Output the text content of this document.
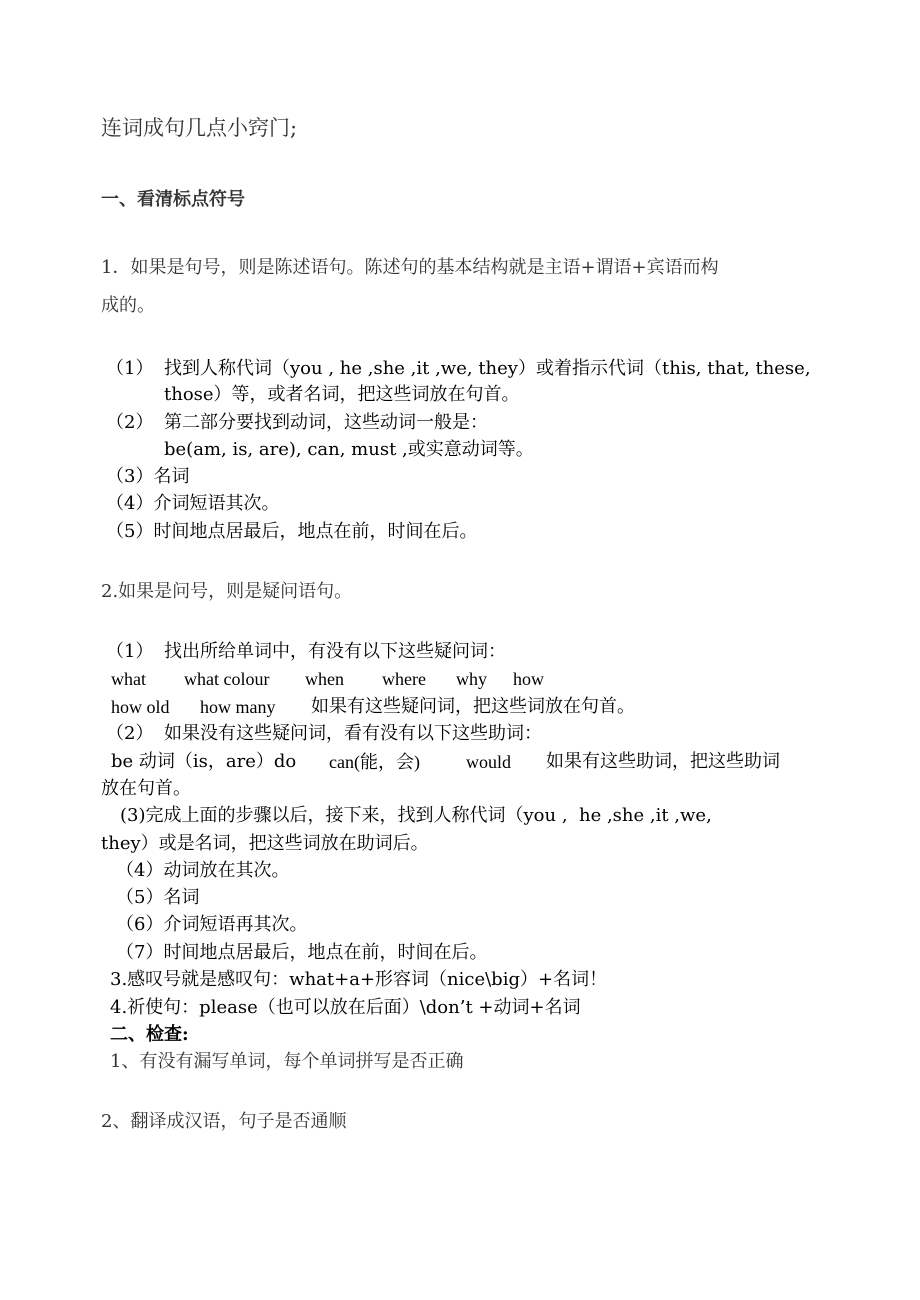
连词成句几点小窍门;
一、看清标点符号
1．如果是句号，则是陈述语句。陈述句的基本结构就是主语+谓语+宾语而构
成的。
（1） 找到人称代词（you , he ,she ,it ,we, they）或着指示代词（this, that, these,
those）等，或者名词，把这些词放在句首。
（2） 第二部分要找到动词，这些动词一般是：
be(am, is, are), can, must ,或实意动词等。
（3）名词
（4）介词短语其次。
（5）时间地点居最后，地点在前，时间在后。
2.如果是问号，则是疑问语句。
（1） 找出所给单词中，有没有以下这些疑问词：
what what colour when where why how
how old how many 如果有这些疑问词，把这些词放在句首。
（2） 如果没有这些疑问词，看有没有以下这些助词：
be 动词（is，are）do can(能，会)	would 如果有这些助词，把这些助词
放在句首。
(3)完成上面的步骤以后，接下来，找到人称代词（you ,  he ,she ,it ,we,
they）或是名词，把这些词放在助词后。
（4）动词放在其次。
（5）名词
（6）介词短语再其次。
（7）时间地点居最后，地点在前，时间在后。
3.感叹号就是感叹句：what+a+形容词（nice\big）+名词！
4.祈使句：please（也可以放在后面）\don’t +动词+名词
二、检查:
1、有没有漏写单词，每个单词拼写是否正确
2、翻译成汉语，句子是否通顺
